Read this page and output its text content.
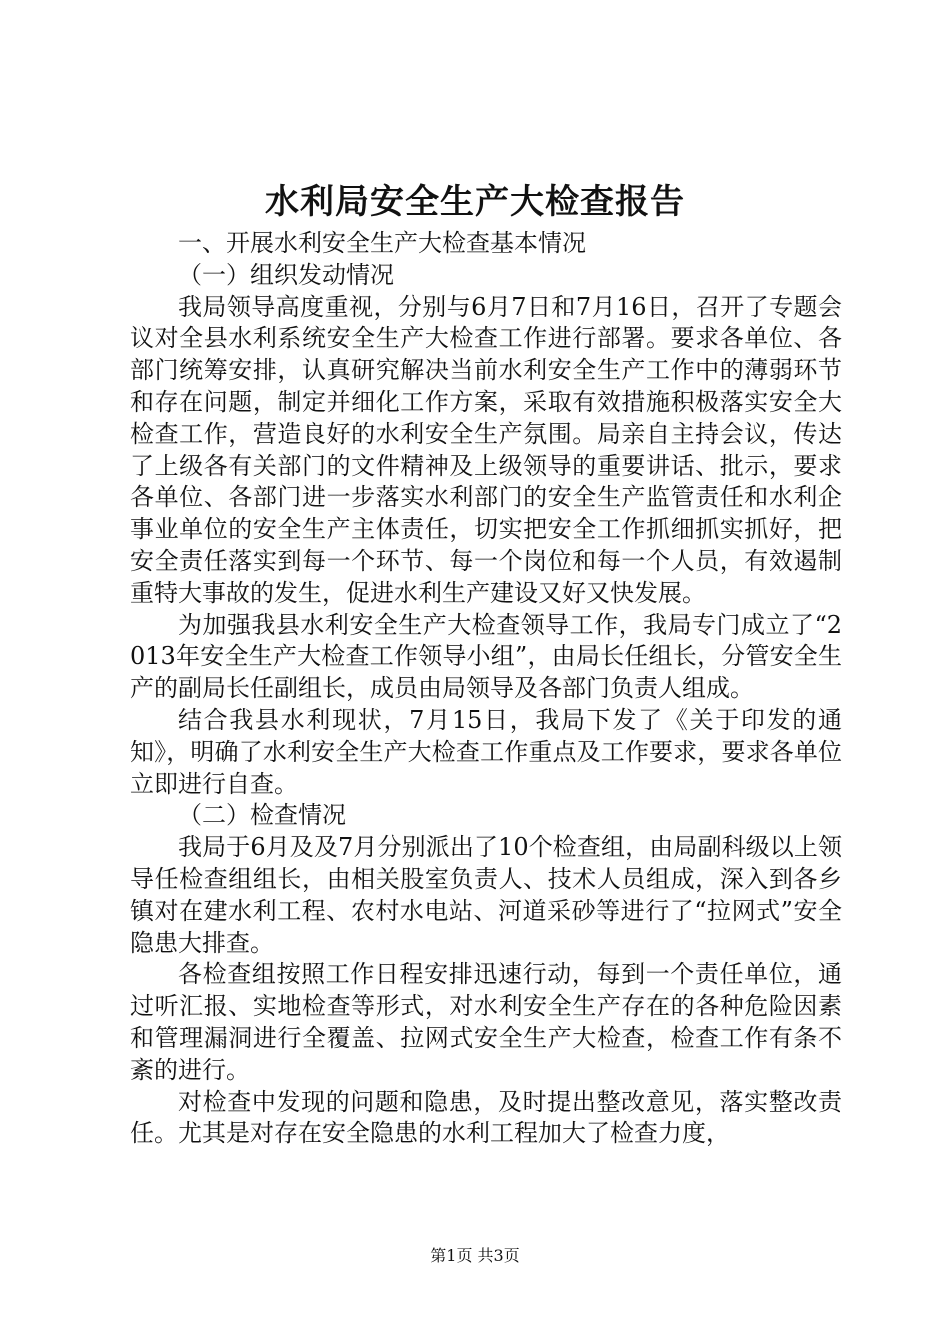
水利局安全生产大检查报告

一、开展水利安全生产大检查基本情况

（一）组织发动情况

我局领导高度重视，分别与6月7日和7月16日，召开了专题会议对全县水利系统安全生产大检查工作进行部署。要求各单位、各部门统筹安排，认真研究解决当前水利安全生产工作中的薄弱环节和存在问题，制定并细化工作方案，采取有效措施积极落实安全大检查工作，营造良好的水利安全生产氛围。局亲自主持会议，传达了上级各有关部门的文件精神及上级领导的重要讲话、批示，要求各单位、各部门进一步落实水利部门的安全生产监管责任和水利企事业单位的安全生产主体责任，切实把安全工作抓细抓实抓好，把安全责任落实到每一个环节、每一个岗位和每一个人员，有效遏制重特大事故的发生，促进水利生产建设又好又快发展。

为加强我县水利安全生产大检查领导工作，我局专门成立了“2013年安全生产大检查工作领导小组”，由局长任组长，分管安全生产的副局长任副组长，成员由局领导及各部门负责人组成。

结合我县水利现状，7月15日，我局下发了《关于印发的通知》，明确了水利安全生产大检查工作重点及工作要求，要求各单位立即进行自查。

（二）检查情况

我局于6月及及7月分别派出了10个检查组，由局副科级以上领导任检查组组长，由相关股室负责人、技术人员组成，深入到各乡镇对在建水利工程、农村水电站、河道采砂等进行了“拉网式”安全隐患大排查。

各检查组按照工作日程安排迅速行动，每到一个责任单位，通过听汇报、实地检查等形式，对水利安全生产存在的各种危险因素和管理漏洞进行全覆盖、拉网式安全生产大检查，检查工作有条不紊的进行。

对检查中发现的问题和隐患，及时提出整改意见，落实整改责任。尤其是对存在安全隐患的水利工程加大了检查力度，

第1页 共3页
